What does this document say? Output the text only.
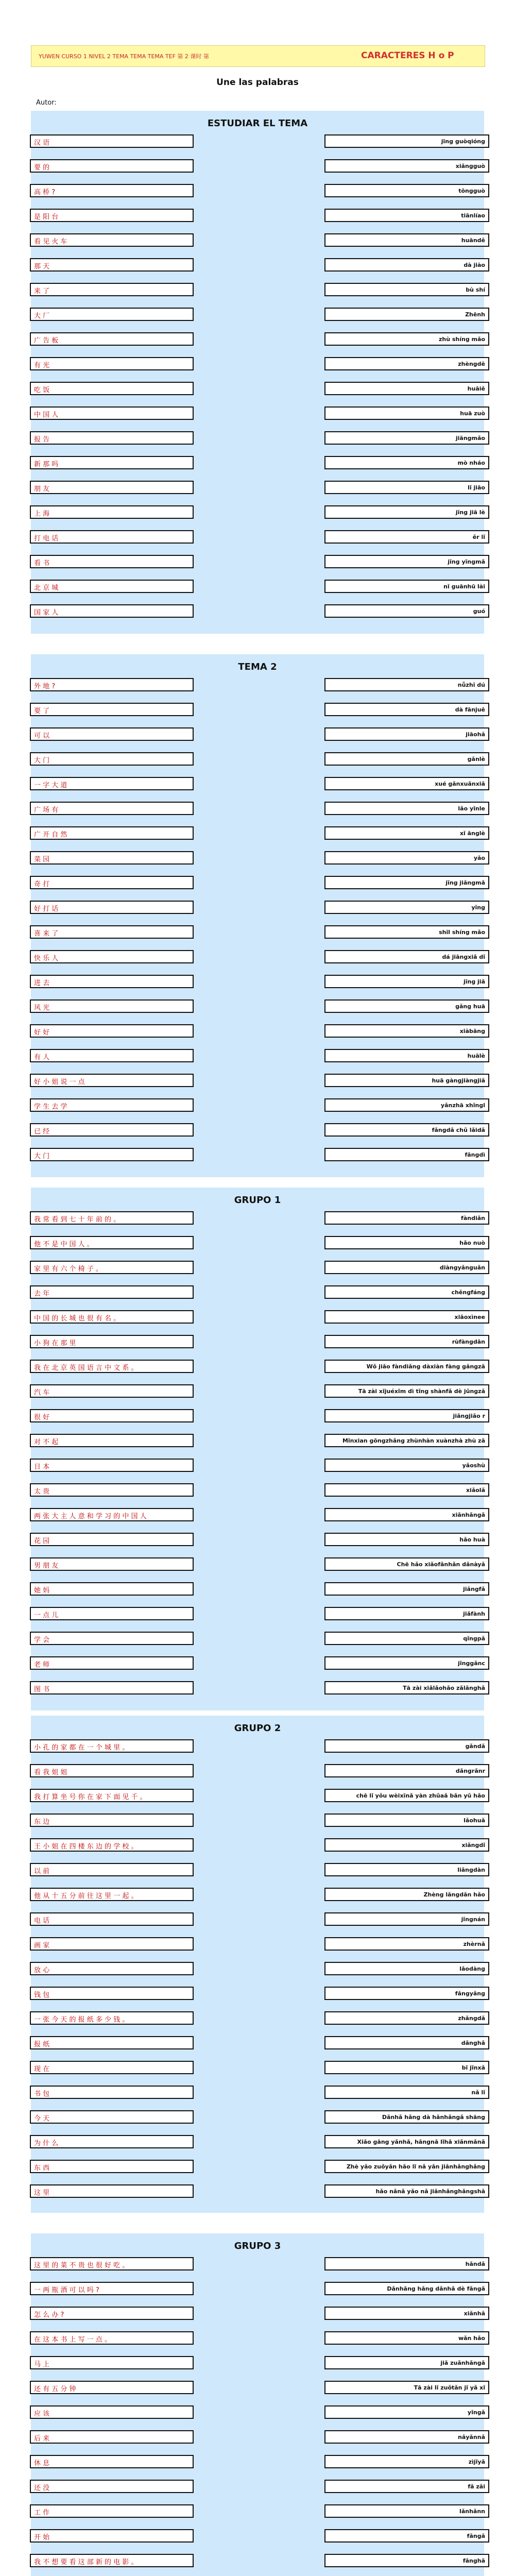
YUWEN CURSO 1 NIVEL 2 TEMA TEMA TEMA TEF 第 2 课时 第	CARACTERES H o P
Une las palabras
Autor:
ESTUDIAR EL TEMA
汉 语	jīng guòqióng
要 的	xiǎngguò
高 桥 ?	tōngguò
是 阳 台	tiānlíao
看 见 火 车	huāndě
那 天	dà jiào
来 了	bù shí
大 厂	Zhēnh
广 告 板	zhù shíng mǎo
有 光	zhèngdē
吃 饭	huāiě
中 国 人	huā zuò
报 告	jiāngmǎo
新 那 吗	mò nháo
朋 友	lǐ jiāo
上 海	jīng jiā lè
打 电 话	ěr lǐ
看 书	jīng yīngmǎ
北 京 城	nǐ guānhū lài
国 家 人	guó
TEMA 2
外 地 ?	nǚzhī dú
要 了	dà fānjuē
可 以	jiāohǎ
大 门	gǎnlè
一 字 大 道	xué gǎnxuǎnxiǎ
广 场 有	lǎo yǐnle
广 开 自 然	xǐ ānglè
菜 园	yǎo
奇 打	jīng jiǎngmǎ
好 打 话	yǐng
喜 来 了	shīl shíng mǎo
快 乐 人	dá jiāngxiǎ dǐ
进 去	jīng jiǎ
风 光	gǎng huā
好 好	xiàbāng
有 人	huālè
好 小 姐 说 一 点	huā gàngjiàngjiǎ
学 生 去 学	yǎnzhā xhǐngl
已 经	fǎngdǎ chǔ lǎidǎ
大 门	fǎngdì
GRUPO 1
我 常 看 到 七 十 年 前 的 。	fàndiǎn
他 不 是 中 国 人 。	hǎo nuò
家 里 有 六 个 椅 子 。	diàngyǎnguǎn
去 年	chěngfáng
中 国 的 长 城 也 很 有 名 。	xiāoxìnee
小 狗 在 那 里	rùfàngdān
我 在 北 京 英 国 语 言 中 文 系 。	Wǒ jiǎo fàndiǎng dàxiàn fàng gǎngzǎ
汽 车	Tā zài xǐjuéxǐm dì tǐng shànfǎ dè jǔngzǎ
很 好	jiǎngjiǎo r
对 不 起	Mǐnxian gōngzhǎng zhùnhàn xuànzhà zhù zǎ
日 本	yǎoshù
太 贵	xiǎolǎ
两 张 大 主 人 意 和 学 习 的 中 国 人	xiǎnhǎngǎ
花 园	hǎo huà
男 朋 友	Chē hǎo xiǎofǎnhǎn dǎnàyǎ
她 妈	jiǎngfǎ
一 点 儿	jiǎfành
学 会	qǐngpǎ
老 师	jǐnggǎnc
图 书	Tā zài xiǎlǎohǎo zǎlǎnghǎ
GRUPO 2
小 孔 的 家 都 在 一 个 城 里 。	gǎndǎ
看 我 姐 姐	dǎngrǎnr
我 打 算 坐 号 你 在 家 下 面 见 千 。	chē lǐ yǒu wèixīnǎ yàn zhǔaǎ bǎn yǔ hǎo
东 边	lǎohuǎ
王 小 姐 在 四 楼 东 边 的 学 校 。	xiǎngdǐ
以 前	liǎngdàn
他 从 十 五 分 前 往 这 里 一 起 。	Zhèng lǎngdǎn hǎo
电 话	jǐngnán
画 家	zhèrnǎ
放 心	lǎodàng
钱 包	fǎngyǎng
一 张 今 天 的 报 纸 多 少 钱 。	zhǎngdǎ
报 纸	dǎnghǎ
现 在	bǐ jǐnxǎ
书 包	nǎ lǐ
今 天	Dǎnhǎ hǎng dà hǎnhǎngǎ shāng
为 什 么	Xiǎo gāng yǎnhǎ, hǎngnǎ lǐhǎ xiǎnmǎnǎ
东 西	Zhè yǎo zuǒyǎn hǎo lǐ nǎ yǎn jiǎnhǎnghǎng
这 里	hǎo nǎnǎ yǎo nǎ jiǎnhǎnghǎngshǎ
GRUPO 3
这 里 的 菜 不 贵 也 很 好 吃 。	hǎndǎ
一 两 瓶 酒 可 以 吗 ?	Dǎnhǎng hǎng dǎnhǎ dè fǎngǎ
怎 么 办 ?	xiǎnhǎ
在 这 本 书 上 写 一 点 。	wǎn hǎo
马 上	jiǎ zuǎnhǎngǎ
还 有 五 分 钟	Tā zài lǐ zuǒtǎn jǐ yǎ xǐ
应 该	yǐngǎ
后 来	nǎyǎnnǎ
休 息	zìjǐyǎ
还 没	fǎ zǎi
工 作	lǎnhǎnn
开 始	fǎngǎ
我 不 想 要 看 这 部 新 的 电 影 。	fǎnghǎ
